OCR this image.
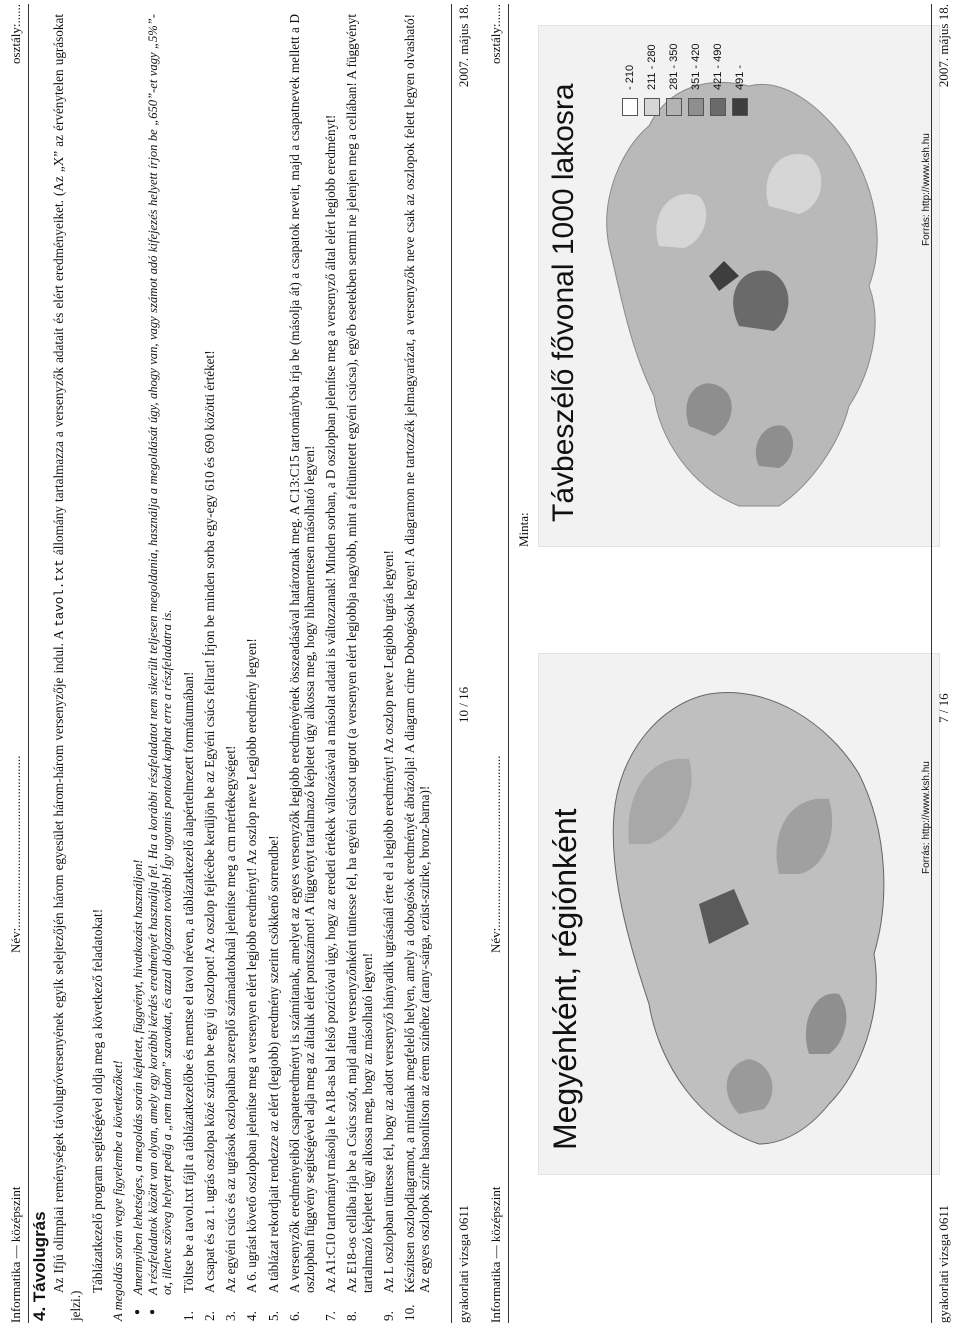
Informatika — középszint
Név:.....................................................
osztály:......
4. Távolugrás Az Ifjú olimpiai reménységek távolugróversenyének egyik selejtezőjén három egyesület három-három versenyzője indul. A tavol.txt állomány tartalmazza a versenyzők adatait és elért eredményeiket. (Az „X” az érvénytelen ugrásokat jelzi.)

Táblázatkezelő program segítségével oldja meg a következő feladatokat! A megoldás során vegye figyelembe a következőket! ● Amennyiben lehetséges, a megoldás során képletet, függvényt, hivatkozást használjon! ● A részfeladatok között van olyan, amely egy korábbi kérdés eredményét használja fel. Ha a korábbi részfeladatot nem sikerült teljesen megoldania, használja a megoldását úgy, ahogy van, vagy számot adó kifejezés helyett írjon be „650”-et vagy „5%”-ot, illetve szöveg helyett pedig a „nem tudom” szavakat, és azzal dolgozzon tovább! Így ugyanis pontokat kaphat erre a részfeladatra is.
1.
Töltse be a tavol.txt fájlt a táblázatkezelőbe és mentse el tavol néven, a táblázatkezelő alapértelmezett formátumában!
2.
A csapat és az 1. ugrás oszlopa közé szúrjon be egy új oszlopot! Az oszlop fejlécébe kerüljön be az Egyéni csúcs felirat! Írjon be minden sorba egy-egy 610 és 690 közötti értéket!
3.
Az egyéni csúcs és az ugrások oszlopaiban szereplő számadatoknál jelenítse meg a cm mértékegységet!
4.
A 6. ugrást követő oszlopban jelenítse meg a versenyen elért legjobb eredményt! Az oszlop neve Legjobb eredmény legyen!
5.
A táblázat rekordjait rendezze az elért (legjobb) eredmény szerint csökkenő sorrendbe!
6.
A versenyzők eredményeiből csapateredményt is számítanak, amelyet az egyes versenyzők legjobb eredményének összeadásával határoznak meg. A C13:C15 tartományba írja be (másolja át) a csapatok neveit, majd a csapatnevek mellett a D oszlopban függvény segítségével adja meg az általuk elért pontszámot! A függvényt tartalmazó képletet úgy alkossa meg, hogy hibamentesen másolható legyen!
7.
Az A1:C10 tartományt másolja le A18-as bal felső pozícióval úgy, hogy az eredeti értékek változásával a másolat adatai is változzanak! Minden sorban, a D oszlopban jelenítse meg a versenyző által elért legjobb eredményt!
8.
Az E18-os cellába írja be a Csúcs szót, majd alatta versenyzőnként tüntesse fel, ha egyéni csúcsot ugrott (a versenyen elért legjobbja nagyobb, mint a feltüntetett egyéni csúcsa), egyéb esetekben semmi ne jelenjen meg a cellában! A függvényt tartalmazó képletet úgy alkossa meg, hogy az másolható legyen!
9.
Az L oszlopban tüntesse fel, hogy az adott versenyző hányadik ugrásánál érte el a legjobb eredményt! Az oszlop neve Legjobb ugrás legyen!
10.
Készítsen oszlopdiagramot, a mintának megfelelő helyen, amely a dobogósok eredményét ábrázolja! A diagram címe Dobogósok legyen! A diagramon ne tartozzék jelmagyarázat, a versenyzők neve csak az oszlopok felett legyen olvasható! Az egyes oszlopok színe hasonlítson az érem színéhez (arany-sárga, ezüst-szürke, bronz-barna)! gyakorlati vizsga 0611
10 / 16
2007. május 18.
Informatika — középszint
Név:.....................................................
osztály:......
Minta:
Távbeszélő fővonal 1000 lakosra
- 210 211 - 280 281 - 350 351 - 420 421 - 490 491 -
Forrás: http://www.ksh.hu
Megyénként, régiónként	Forrás: http://www.ksh.hu
gyakorlati vizsga 0611
7 / 16
2007. május 18.
